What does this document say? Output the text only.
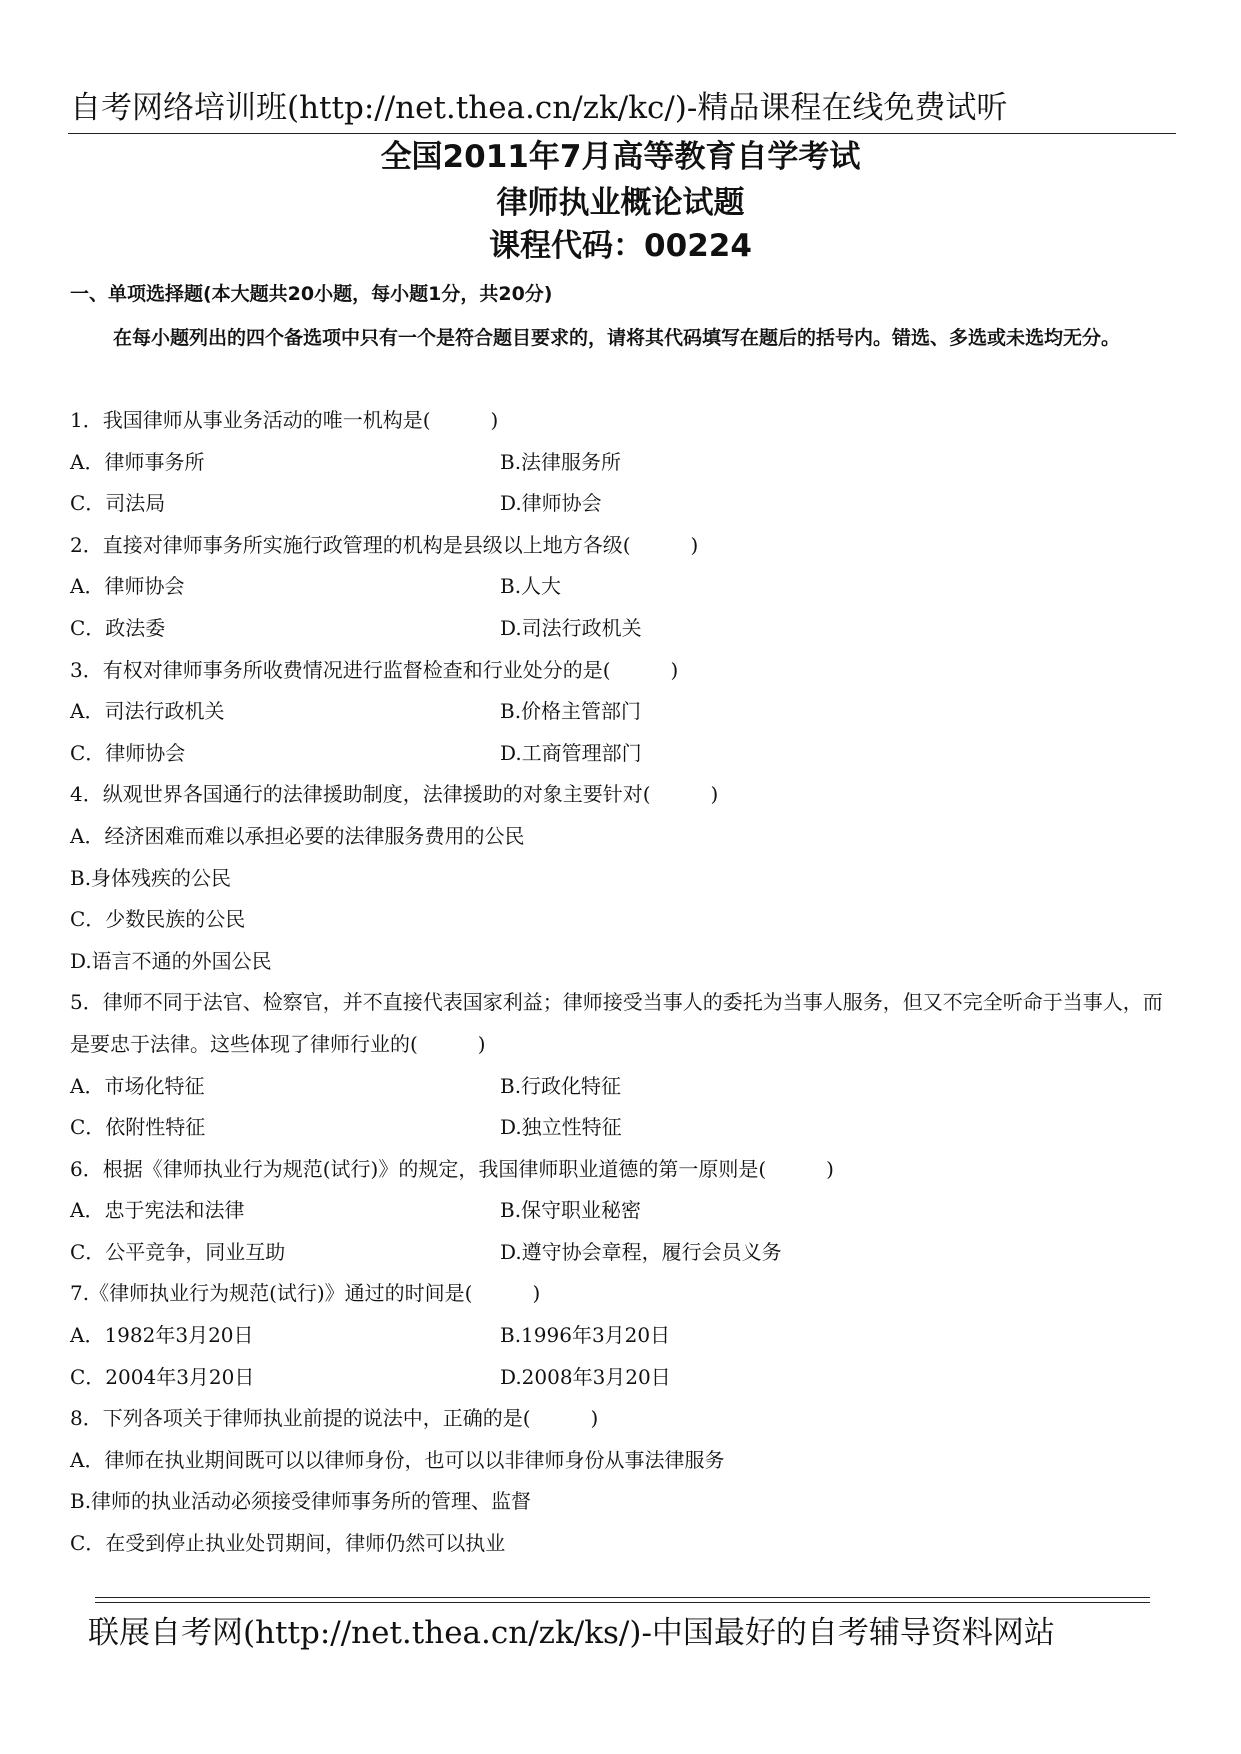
自考网络培训班(http://net.thea.cn/zk/kc/)-精品课程在线免费试听
全国2011年7月高等教育自学考试
律师执业概论试题
课程代码：00224
一、单项选择题(本大题共20小题，每小题1分，共20分)
在每小题列出的四个备选项中只有一个是符合题目要求的，请将其代码填写在题后的括号内。错选、多选或未选均无分。
1．我国律师从事业务活动的唯一机构是(　　　)
A．律师事务所	B.法律服务所
C．司法局	D.律师协会
2．直接对律师事务所实施行政管理的机构是县级以上地方各级(　　　)
A．律师协会	B.人大
C．政法委	D.司法行政机关
3．有权对律师事务所收费情况进行监督检查和行业处分的是(　　　)
A．司法行政机关	B.价格主管部门
C．律师协会	D.工商管理部门
4．纵观世界各国通行的法律援助制度，法律援助的对象主要针对(　　　)
A．经济困难而难以承担必要的法律服务费用的公民
B.身体残疾的公民
C．少数民族的公民
D.语言不通的外国公民
5．律师不同于法官、检察官，并不直接代表国家利益；律师接受当事人的委托为当事人服务，但又不完全听命于当事人，而是要忠于法律。这些体现了律师行业的(　　　)
A．市场化特征	B.行政化特征
C．依附性特征	D.独立性特征
6．根据《律师执业行为规范(试行)》的规定，我国律师职业道德的第一原则是(　　　)
A．忠于宪法和法律	B.保守职业秘密
C．公平竞争，同业互助	D.遵守协会章程，履行会员义务
7.《律师执业行为规范(试行)》通过的时间是(　　　)
A．1982年3月20日	B.1996年3月20日
C．2004年3月20日	D.2008年3月20日
8．下列各项关于律师执业前提的说法中，正确的是(　　　)
A．律师在执业期间既可以以律师身份，也可以以非律师身份从事法律服务
B.律师的执业活动必须接受律师事务所的管理、监督
C．在受到停止执业处罚期间，律师仍然可以执业
联展自考网(http://net.thea.cn/zk/ks/)-中国最好的自考辅导资料网站
